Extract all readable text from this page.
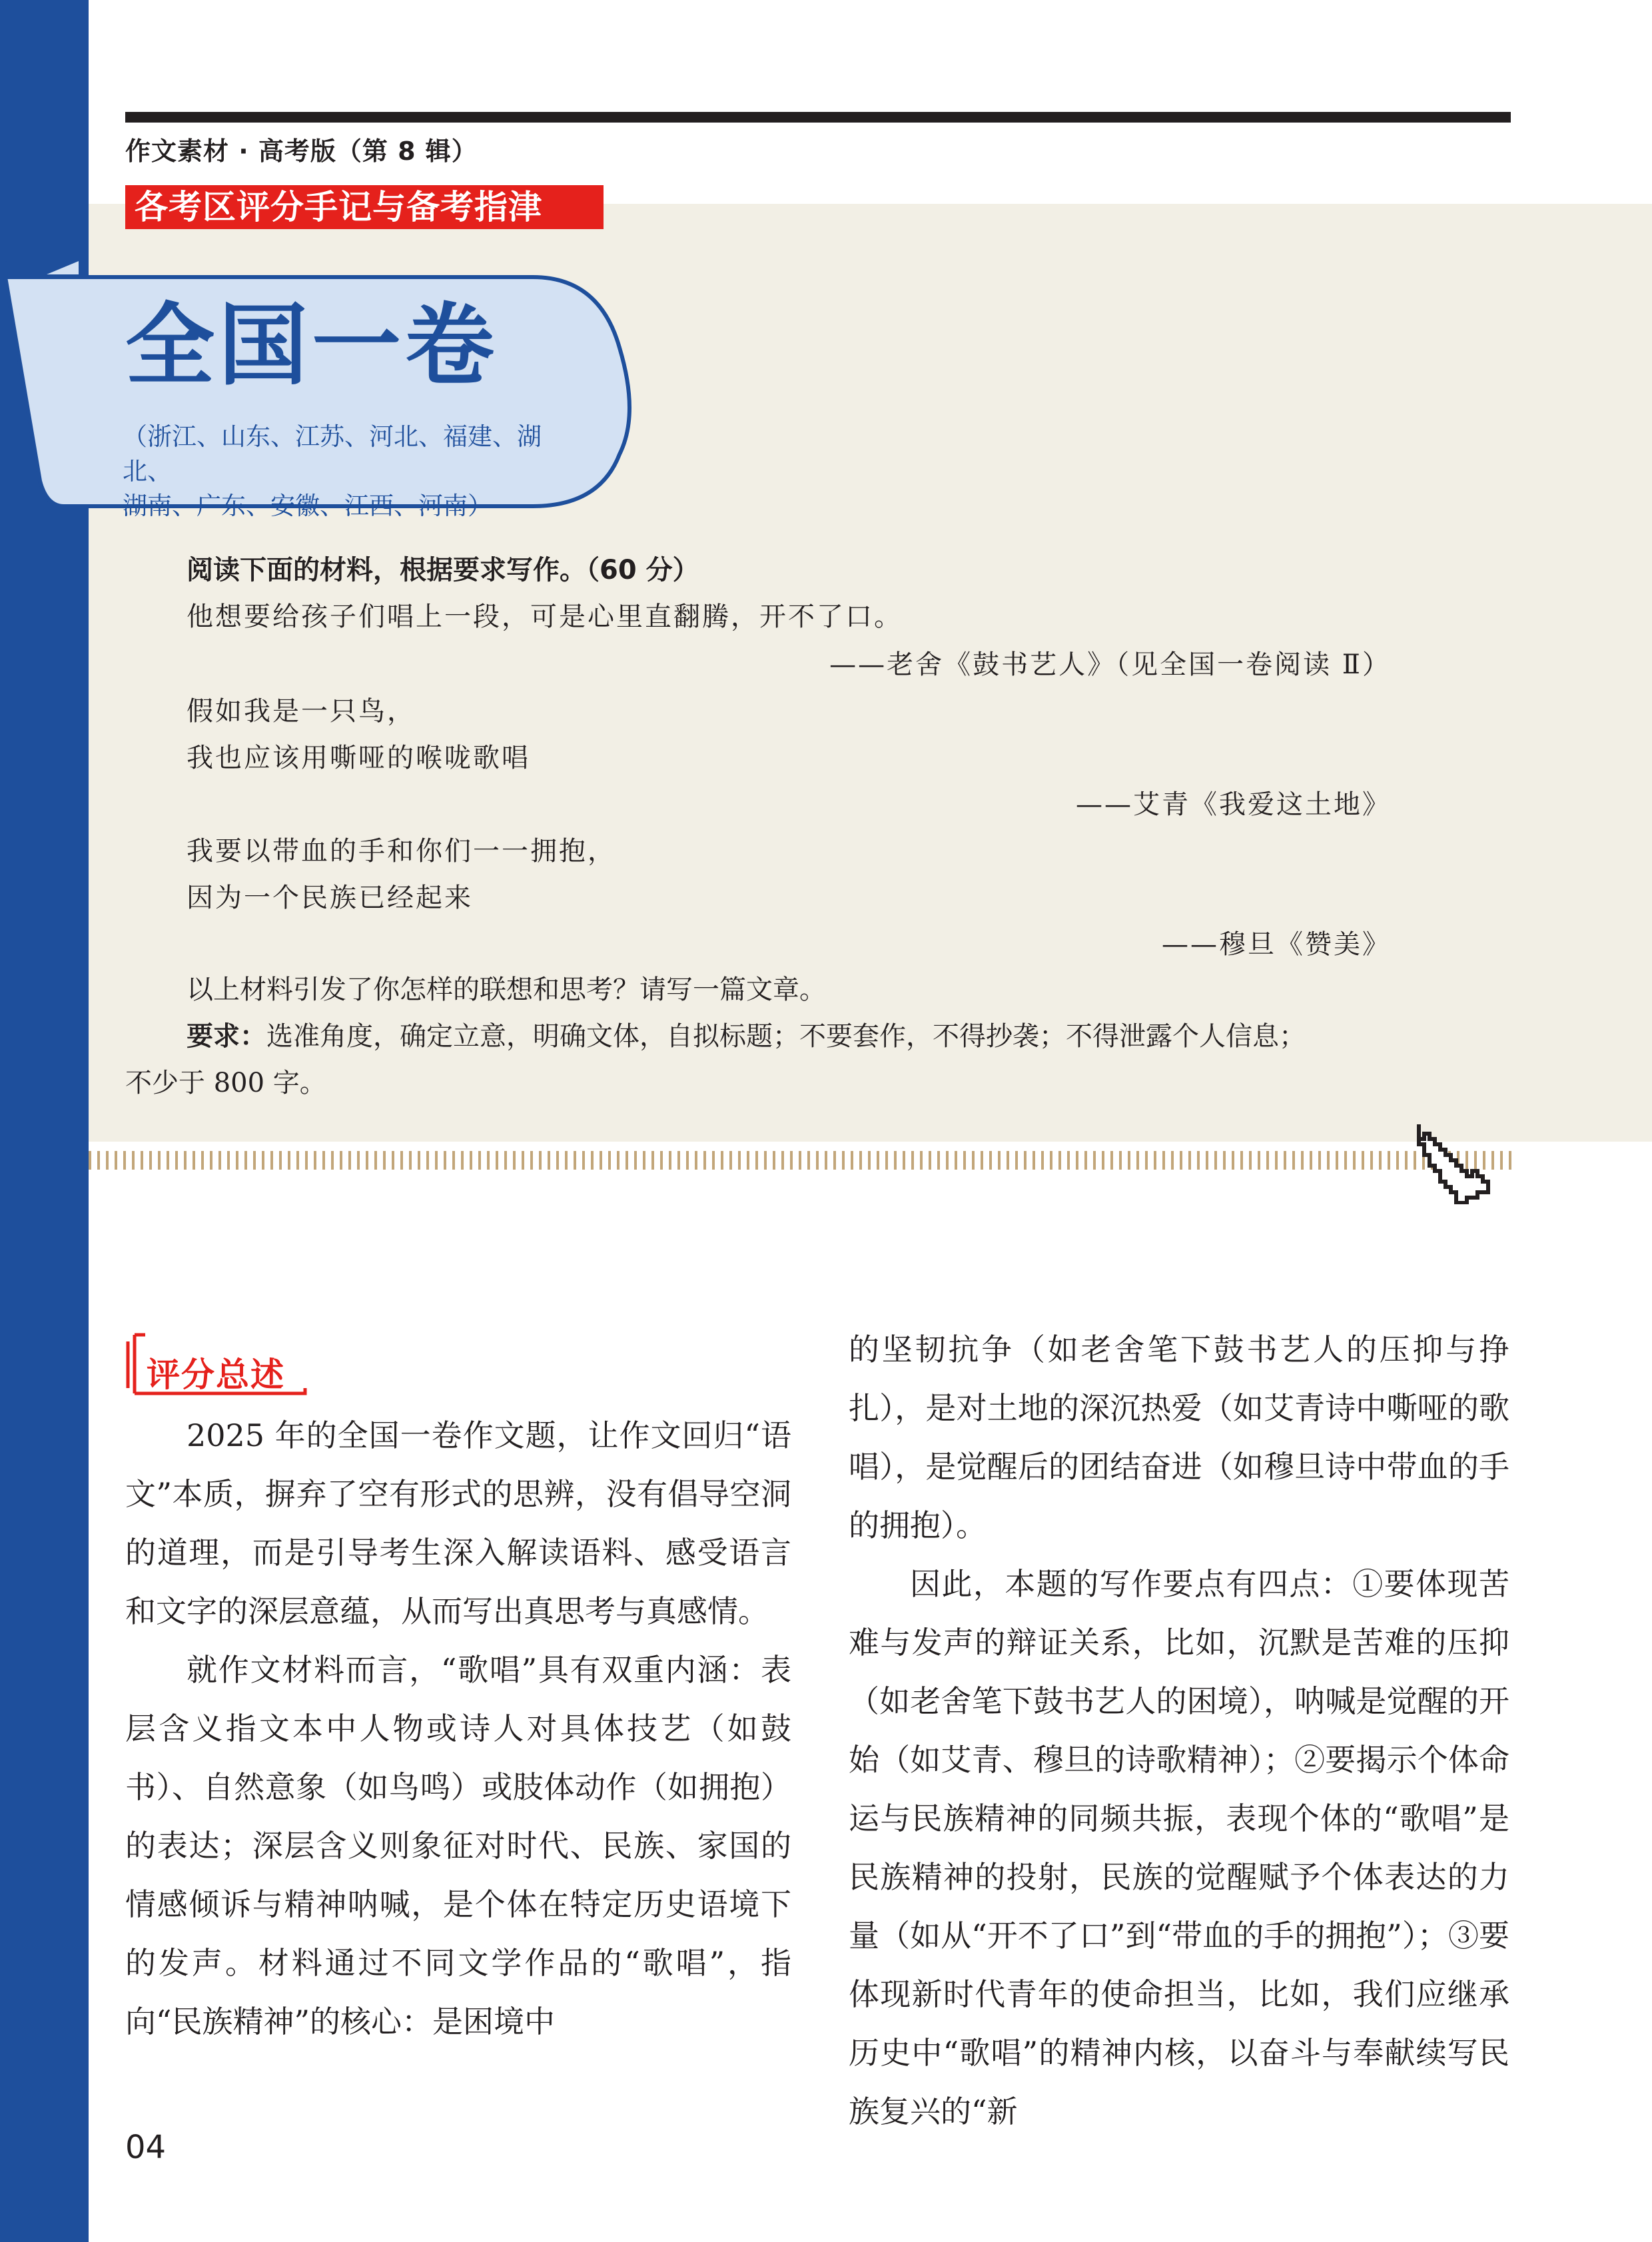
作文素材 · 高考版（第 8 辑）
各考区评分手记与备考指津
全国一卷
（浙江、山东、江苏、河北、福建、湖北、
湖南、广东、安徽、江西、河南）
阅读下面的材料，根据要求写作。（60 分）
他想要给孩子们唱上一段，可是心里直翻腾，开不了口。
——老舍《鼓书艺人》（见全国一卷阅读 Ⅱ）
假如我是一只鸟，
我也应该用嘶哑的喉咙歌唱
——艾青《我爱这土地》
我要以带血的手和你们一一拥抱，
因为一个民族已经起来
——穆旦《赞美》
以上材料引发了你怎样的联想和思考？请写一篇文章。
要求：选准角度，确定立意，明确文体，自拟标题；不要套作，不得抄袭；不得泄露个人信息；
不少于 800 字。
评分总述

2025 年的全国一卷作文题，让作文回归“语文”本质，摒弃了空有形式的思辨，没有倡导空洞的道理，而是引导考生深入解读语料、感受语言和文字的深层意蕴，从而写出真思考与真感情。

就作文材料而言，“歌唱”具有双重内涵：表层含义指文本中人物或诗人对具体技艺（如鼓书）、自然意象（如鸟鸣）或肢体动作（如拥抱）的表达；深层含义则象征对时代、民族、家国的情感倾诉与精神呐喊，是个体在特定历史语境下的发声。材料通过不同文学作品的“歌唱”，指向“民族精神”的核心：是困境中

的坚韧抗争（如老舍笔下鼓书艺人的压抑与挣扎），是对土地的深沉热爱（如艾青诗中嘶哑的歌唱），是觉醒后的团结奋进（如穆旦诗中带血的手的拥抱）。

因此，本题的写作要点有四点：①要体现苦难与发声的辩证关系，比如，沉默是苦难的压抑（如老舍笔下鼓书艺人的困境），呐喊是觉醒的开始（如艾青、穆旦的诗歌精神）；②要揭示个体命运与民族精神的同频共振，表现个体的“歌唱”是民族精神的投射，民族的觉醒赋予个体表达的力量（如从“开不了口”到“带血的手的拥抱”）；③要体现新时代青年的使命担当，比如，我们应继承历史中“歌唱”的精神内核，以奋斗与奉献续写民族复兴的“新

04
